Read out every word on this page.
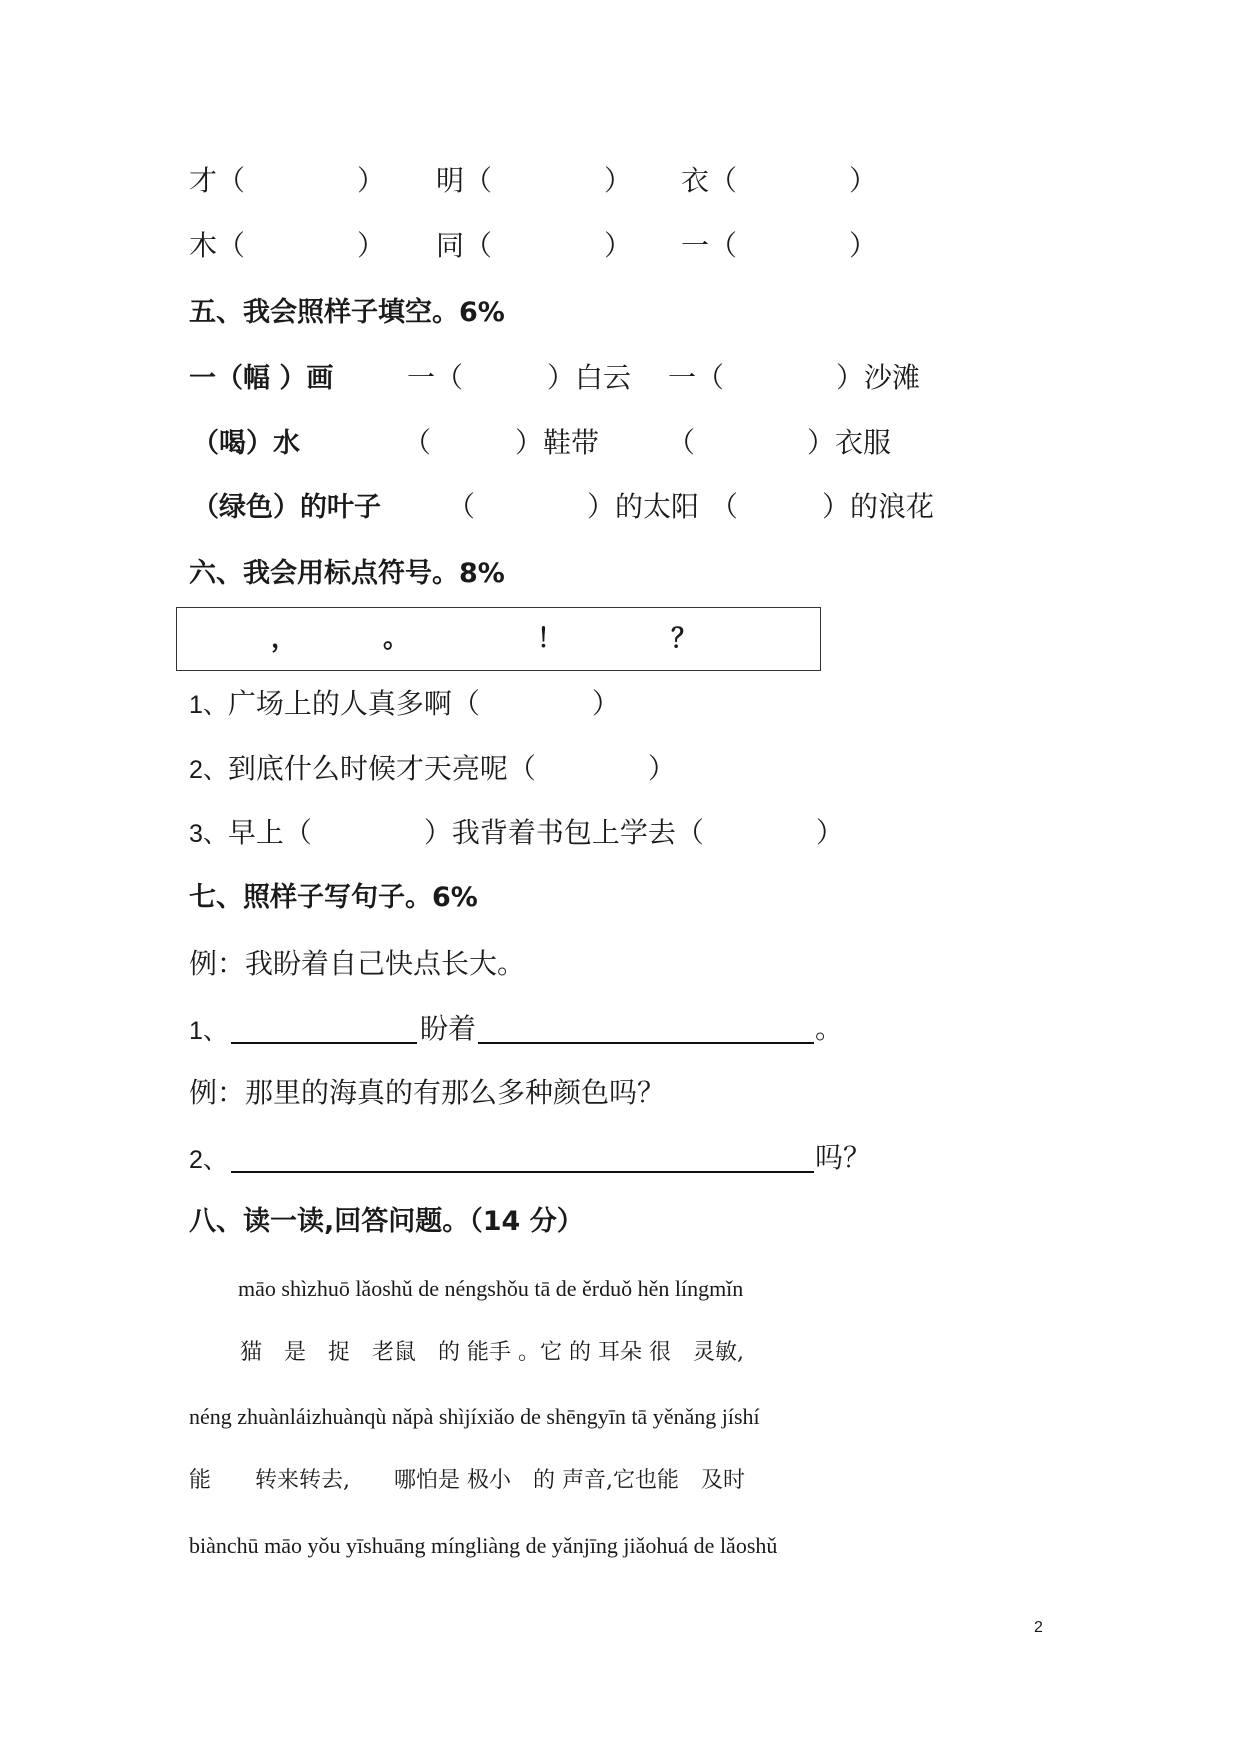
才（　　　　） 明（　　　　） 衣（　　　　）
木（　　　　） 同（　　　　） 一（　　　　）
五、我会照样子填空。6%
一（幅 ）画	一（　　　）白云 一（　　　　）沙滩
（喝）水	（　　　）鞋带 （　　　　）衣服
（绿色）的叶子 （　　　　）的太阳 （　　　）的浪花
六、我会用标点符号。8%
，	。	！	？
1、广场上的人真多啊（　　　　）
2、到底什么时候才天亮呢（　　　　）
3、早上（　　　　）我背着书包上学去（　　　　）
七、照样子写句子。6%
例：我盼着自己快点长大。
1、	盼着	。
例：那里的海真的有那么多种颜色吗？
2、	吗？
八、读一读,回答问题。（14 分）
māo shìzhuō lǎoshǔ de néngshǒu tā de ěrduǒ hěn língmǐn
猫　是　捉　老鼠　的 能手 。它 的 耳朵 很　灵敏,
néng zhuànláizhuànqù nǎpà shìjíxiǎo de shēngyīn tā yěnǎng jíshí
能　　转来转去,　　哪怕是 极小　的 声音,它也能　及时
biànchū māo yǒu yīshuāng míngliàng de yǎnjīng jiǎohuá de lǎoshǔ
2
